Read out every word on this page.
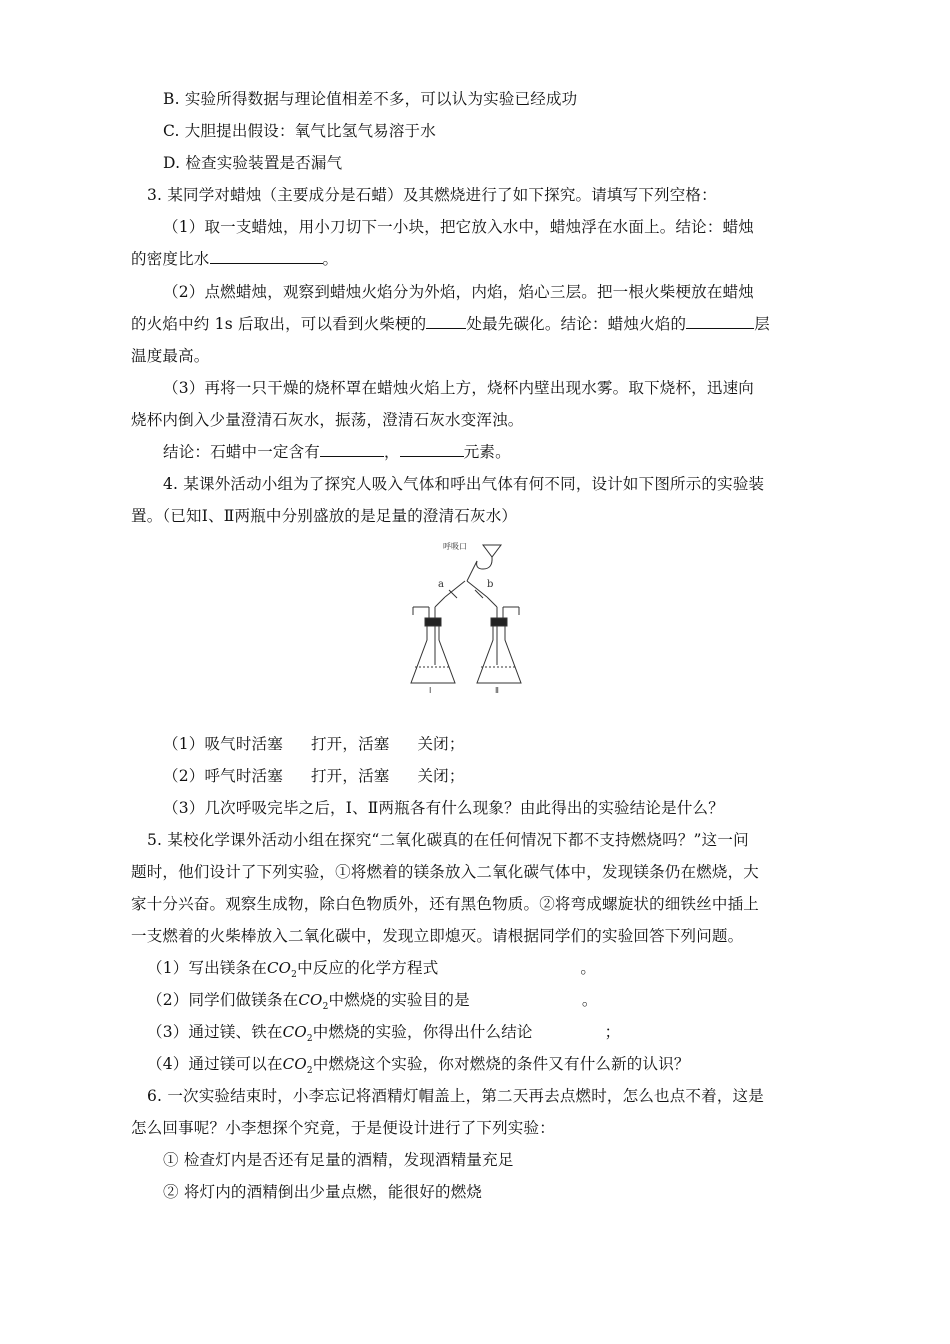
B. 实验所得数据与理论值相差不多，可以认为实验已经成功
C. 大胆提出假设：氧气比氢气易溶于水
D. 检查实验装置是否漏气
3. 某同学对蜡烛（主要成分是石蜡）及其燃烧进行了如下探究。请填写下列空格：
（1）取一支蜡烛，用小刀切下一小块，把它放入水中，蜡烛浮在水面上。结论：蜡烛
的密度比水	。
（2）点燃蜡烛，观察到蜡烛火焰分为外焰，内焰，焰心三层。把一根火柴梗放在蜡烛
的火焰中约 1s 后取出，可以看到火柴梗的	处最先碳化。结论：蜡烛火焰的	层
温度最高。
（3）再将一只干燥的烧杯罩在蜡烛火焰上方，烧杯内壁出现水雾。取下烧杯，迅速向
烧杯内倒入少量澄清石灰水，振荡，澄清石灰水变浑浊。
结论：石蜡中一定含有	，	元素。
4. 某课外活动小组为了探究人吸入气体和呼出气体有何不同，设计如下图所示的实验装
置。（已知Ⅰ、Ⅱ两瓶中分别盛放的是足量的澄清石灰水）
呼吸口
a	b
Ⅰ	Ⅱ
（1）吸气时活塞 打开，活塞 关闭；
（2）呼气时活塞 打开，活塞 关闭；
（3）几次呼吸完毕之后，Ⅰ、Ⅱ两瓶各有什么现象？由此得出的实验结论是什么？
5. 某校化学课外活动小组在探究“二氧化碳真的在任何情况下都不支持燃烧吗？”这一问
题时，他们设计了下列实验，①将燃着的镁条放入二氧化碳气体中，发现镁条仍在燃烧，大
家十分兴奋。观察生成物，除白色物质外，还有黑色物质。②将弯成螺旋状的细铁丝中插上
一支燃着的火柴棒放入二氧化碳中，发现立即熄灭。请根据同学们的实验回答下列问题。
（1）写出镁条在$CO_2$中反应的化学方程式	。
（2）同学们做镁条在$CO_2$中燃烧的实验目的是	。
（3）通过镁、铁在$CO_2$中燃烧的实验，你得出什么结论	；
（4）通过镁可以在$CO_2$中燃烧这个实验，你对燃烧的条件又有什么新的认识？
6. 一次实验结束时，小李忘记将酒精灯帽盖上，第二天再去点燃时，怎么也点不着，这是
怎么回事呢？小李想探个究竟，于是便设计进行了下列实验：
① 检查灯内是否还有足量的酒精，发现酒精量充足
② 将灯内的酒精倒出少量点燃，能很好的燃烧
